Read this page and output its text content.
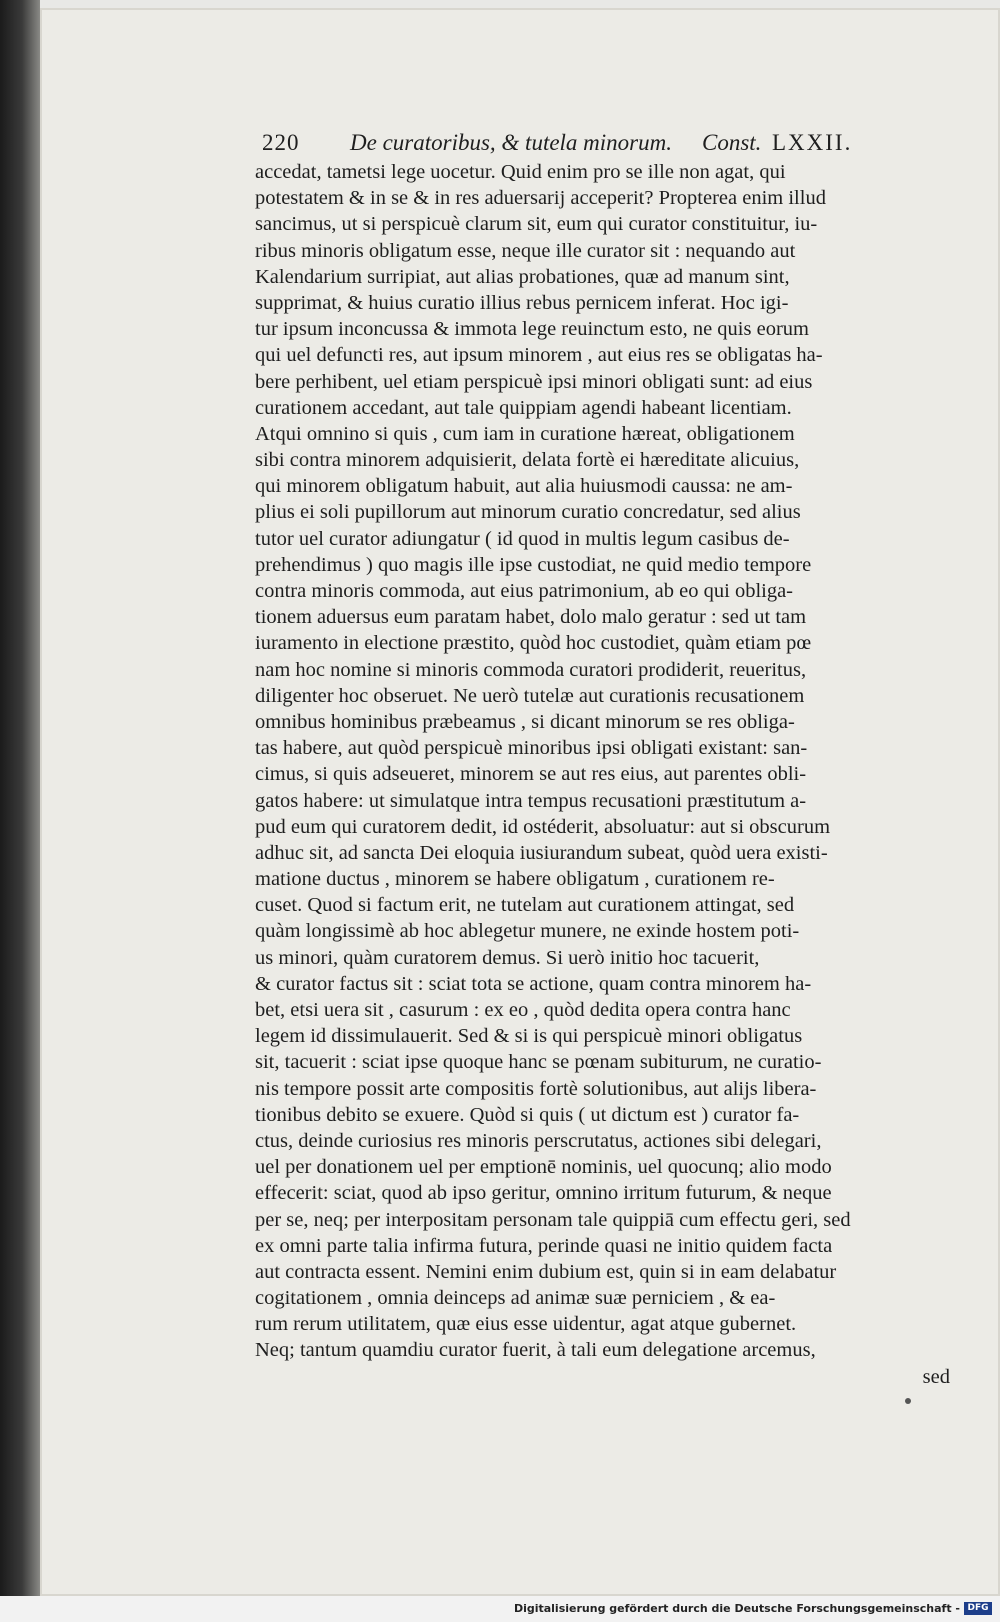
220 De curatoribus, & tutela minorum. Const. LXXII.
accedat, tametsi lege uocetur. Quid enim pro se ille non agat, qui
potestatem & in se & in res aduersarij acceperit? Propterea enim illud
sancimus, ut si perspicuè clarum sit, eum qui curator constituitur, iu-
ribus minoris obligatum esse, neque ille curator sit : nequando aut
Kalendarium surripiat, aut alias probationes, quæ ad manum sint,
supprimat, & huius curatio illius rebus pernicem inferat. Hoc igi-
tur ipsum inconcussa & immota lege reuinctum esto, ne quis eorum
qui uel defuncti res, aut ipsum minorem , aut eius res se obligatas ha-
bere perhibent, uel etiam perspicuè ipsi minori obligati sunt: ad eius
curationem accedant, aut tale quippiam agendi habeant licentiam.
Atqui omnino si quis , cum iam in curatione hæreat, obligationem
sibi contra minorem adquisierit, delata fortè ei hæreditate alicuius,
qui minorem obligatum habuit, aut alia huiusmodi caussa: ne am-
plius ei soli pupillorum aut minorum curatio concredatur, sed alius
tutor uel curator adiungatur ( id quod in multis legum casibus de-
prehendimus ) quo magis ille ipse custodiat, ne quid medio tempore
contra minoris commoda, aut eius patrimonium, ab eo qui obliga-
tionem aduersus eum paratam habet, dolo malo geratur : sed ut tam
iuramento in electione præstito, quòd hoc custodiet, quàm etiam pœ
nam hoc nomine si minoris commoda curatori prodiderit, reueritus,
diligenter hoc obseruet. Ne uerò tutelæ aut curationis recusationem
omnibus hominibus præbeamus , si dicant minorum se res obliga-
tas habere, aut quòd perspicuè minoribus ipsi obligati existant: san-
cimus, si quis adseueret, minorem se aut res eius, aut parentes obli-
gatos habere: ut simulatque intra tempus recusationi præstitutum a-
pud eum qui curatorem dedit, id ostéderit, absoluatur: aut si obscurum
adhuc sit, ad sancta Dei eloquia iusiurandum subeat, quòd uera existi-
matione ductus , minorem se habere obligatum , curationem re-
cuset. Quod si factum erit, ne tutelam aut curationem attingat, sed
quàm longissimè ab hoc ablegetur munere, ne exinde hostem poti-
us minori, quàm curatorem demus. Si uerò initio hoc tacuerit,
& curator factus sit : sciat tota se actione, quam contra minorem ha-
bet, etsi uera sit , casurum : ex eo , quòd dedita opera contra hanc
legem id dissimulauerit. Sed & si is qui perspicuè minori obligatus
sit, tacuerit : sciat ipse quoque hanc se pœnam subiturum, ne curatio-
nis tempore possit arte compositis fortè solutionibus, aut alijs libera-
tionibus debito se exuere. Quòd si quis ( ut dictum est ) curator fa-
ctus, deinde curiosius res minoris perscrutatus, actiones sibi delegari,
uel per donationem uel per emptionē nominis, uel quocunq; alio modo
effecerit: sciat, quod ab ipso geritur, omnino irritum futurum, & neque
per se, neq; per interpositam personam tale quippiā cum effectu geri, sed
ex omni parte talia infirma futura, perinde quasi ne initio quidem facta
aut contracta essent. Nemini enim dubium est, quin si in eam delabatur
cogitationem , omnia deinceps ad animæ suæ perniciem , & ea-
rum rerum utilitatem, quæ eius esse uidentur, agat atque gubernet.
Neq; tantum quamdiu curator fuerit, à tali eum delegatione arcemus,
sed
Digitalisierung gefördert durch die Deutsche Forschungsgemeinschaft - DFG
